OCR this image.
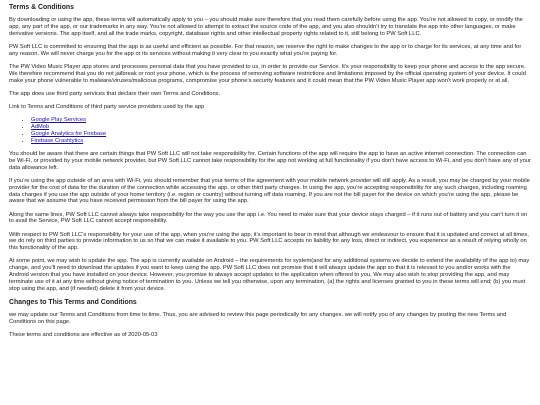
Terms & Conditions

By downloading or using the app, these terms will automatically apply to you – you should make sure therefore that you read them carefully before using the app. You’re not allowed to copy, or modify the app, any part of the app, or our trademarks in any way. You’re not allowed to attempt to extract the source code of the app, and you also shouldn’t try to translate the app into other languages, or make derivative versions. The app itself, and all the trade marks, copyright, database rights and other intellectual property rights related to it, still belong to PW Soft LLC.

PW Soft LLC is committed to ensuring that the app is as useful and efficient as possible. For that reason, we reserve the right to make changes to the app or to charge for its services, at any time and for any reason. We will never charge you for the app or its services without making it very clear to you exactly what you’re paying for.

The PW Video Music Player app stores and processes personal data that you have provided to us, in order to provide our Service. It’s your responsibility to keep your phone and access to the app secure. We therefore recommend that you do not jailbreak or root your phone, which is the process of removing software restrictions and limitations imposed by the official operating system of your device. It could make your phone vulnerable to malware/viruses/malicious programs, compromise your phone’s security features and it could mean that the PW Video Music Player app won’t work properly or at all.

The app does use third party services that declare their own Terms and Conditions.

Link to Terms and Conditions of third party service providers used by the app

• Google Play Services
• AdMob
• Google Analytics for Firebase
• Firebase Crashlytics

You should be aware that there are certain things that PW Soft LLC will not take responsibility for. Certain functions of the app will require the app to have an active internet connection. The connection can be Wi-Fi, or provided by your mobile network provider, but PW Soft LLC cannot take responsibility for the app not working at full functionality if you don’t have access to Wi-Fi, and you don’t have any of your data allowance left.

If you’re using the app outside of an area with Wi-Fi, you should remember that your terms of the agreement with your mobile network provider will still apply. As a result, you may be charged by your mobile provider for the cost of data for the duration of the connection while accessing the app, or other third party charges. In using the app, you’re accepting responsibility for any such charges, including roaming data charges if you use the app outside of your home territory (i.e. region or country) without turning off data roaming. If you are not the bill payer for the device on which you’re using the app, please be aware that we assume that you have received permission from the bill payer for using the app.

Along the same lines, PW Soft LLC cannot always take responsibility for the way you use the app i.e. You need to make sure that your device stays charged – if it runs out of battery and you can’t turn it on to avail the Service, PW Soft LLC cannot accept responsibility.

With respect to PW Soft LLC’s responsibility for your use of the app, when you’re using the app, it’s important to bear in mind that although we endeavour to ensure that it is updated and correct at all times, we do rely on third parties to provide information to us so that we can make it available to you. PW Soft LLC accepts no liability for any loss, direct or indirect, you experience as a result of relying wholly on this functionality of the app.

At some point, we may wish to update the app. The app is currently available on Android – the requirements for system(and for any additional systems we decide to extend the availability of the app to) may change, and you’ll need to download the updates if you want to keep using the app. PW Soft LLC does not promise that it will always update the app so that it is relevant to you and/or works with the Android version that you have installed on your device. However, you promise to always accept updates to the application when offered to you, We may also wish to stop providing the app, and may terminate use of it at any time without giving notice of termination to you. Unless we tell you otherwise, upon any termination, (a) the rights and licenses granted to you in these terms will end; (b) you must stop using the app, and (if needed) delete it from your device.

Changes to This Terms and Conditions

we may update our Terms and Conditions from time to time. Thus, you are advised to review this page periodically for any changes. we will notify you of any changes by posting the new Terms and Conditions on this page.

These terms and conditions are effective as of 2020-05-03
